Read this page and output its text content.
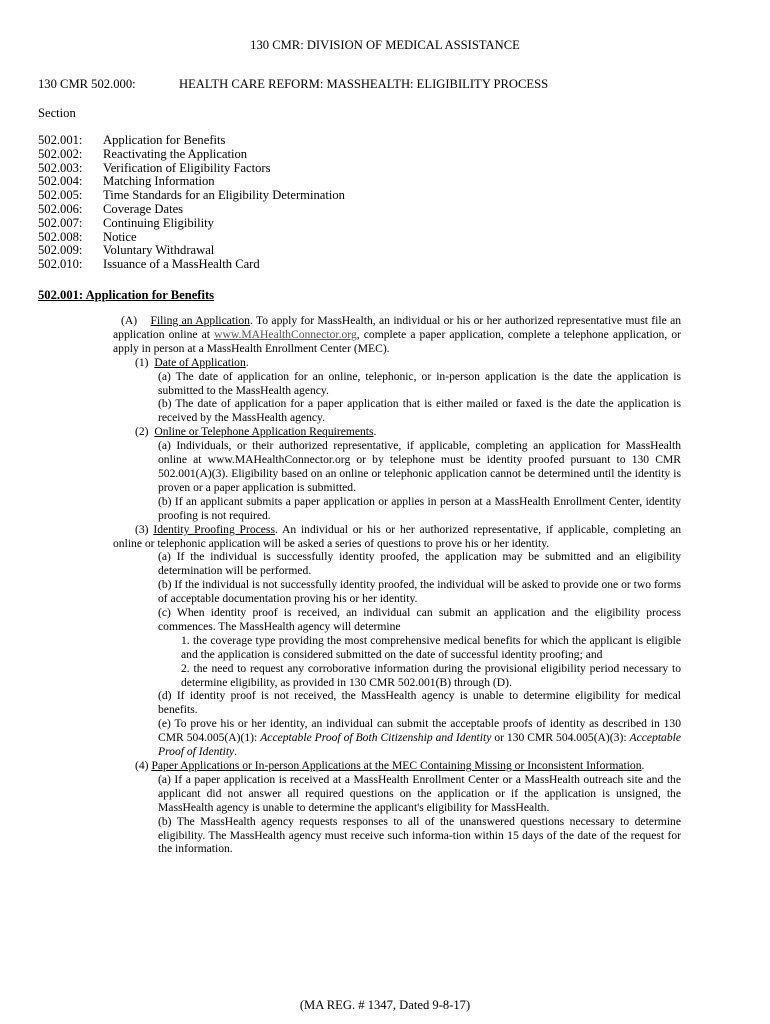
130 CMR: DIVISION OF MEDICAL ASSISTANCE
130 CMR 502.000:	HEALTH CARE REFORM: MASSHEALTH: ELIGIBILITY PROCESS
Section
502.001: Application for Benefits
502.002: Reactivating the Application
502.003: Verification of Eligibility Factors
502.004: Matching Information
502.005: Time Standards for an Eligibility Determination
502.006: Coverage Dates
502.007: Continuing Eligibility
502.008: Notice
502.009: Voluntary Withdrawal
502.010: Issuance of a MassHealth Card
502.001: Application for Benefits

(A) Filing an Application. To apply for MassHealth, an individual or his or her authorized representative must file an application online at www.MAHealthConnector.org, complete a paper application, complete a telephone application, or apply in person at a MassHealth Enrollment Center (MEC).

(1) Date of Application.

(a) The date of application for an online, telephonic, or in-person application is the date the application is submitted to the MassHealth agency.

(b) The date of application for a paper application that is either mailed or faxed is the date the application is received by the MassHealth agency.

(2) Online or Telephone Application Requirements.

(a) Individuals, or their authorized representative, if applicable, completing an application for MassHealth online at www.MAHealthConnector.org or by telephone must be identity proofed pursuant to 130 CMR 502.001(A)(3). Eligibility based on an online or telephonic application cannot be determined until the identity is proven or a paper application is submitted.

(b) If an applicant submits a paper application or applies in person at a MassHealth Enrollment Center, identity proofing is not required.

(3) Identity Proofing Process. An individual or his or her authorized representative, if applicable, completing an online or telephonic application will be asked a series of questions to prove his or her identity.

(a) If the individual is successfully identity proofed, the application may be submitted and an eligibility determination will be performed.

(b) If the individual is not successfully identity proofed, the individual will be asked to provide one or two forms of acceptable documentation proving his or her identity.

(c) When identity proof is received, an individual can submit an application and the eligibility process commences. The MassHealth agency will determine

1. the coverage type providing the most comprehensive medical benefits for which the applicant is eligible and the application is considered submitted on the date of successful identity proofing; and

2. the need to request any corroborative information during the provisional eligibility period necessary to determine eligibility, as provided in 130 CMR 502.001(B) through (D).

(d) If identity proof is not received, the MassHealth agency is unable to determine eligibility for medical benefits.

(e) To prove his or her identity, an individual can submit the acceptable proofs of identity as described in 130 CMR 504.005(A)(1): Acceptable Proof of Both Citizenship and Identity or 130 CMR 504.005(A)(3): Acceptable Proof of Identity.

(4) Paper Applications or In-person Applications at the MEC Containing Missing or Inconsistent Information.

(a) If a paper application is received at a MassHealth Enrollment Center or a MassHealth outreach site and the applicant did not answer all required questions on the application or if the application is unsigned, the MassHealth agency is unable to determine the applicant's eligibility for MassHealth.

(b) The MassHealth agency requests responses to all of the unanswered questions necessary to determine eligibility. The MassHealth agency must receive such informa-tion within 15 days of the date of the request for the information.

(MA REG. # 1347, Dated 9-8-17)
